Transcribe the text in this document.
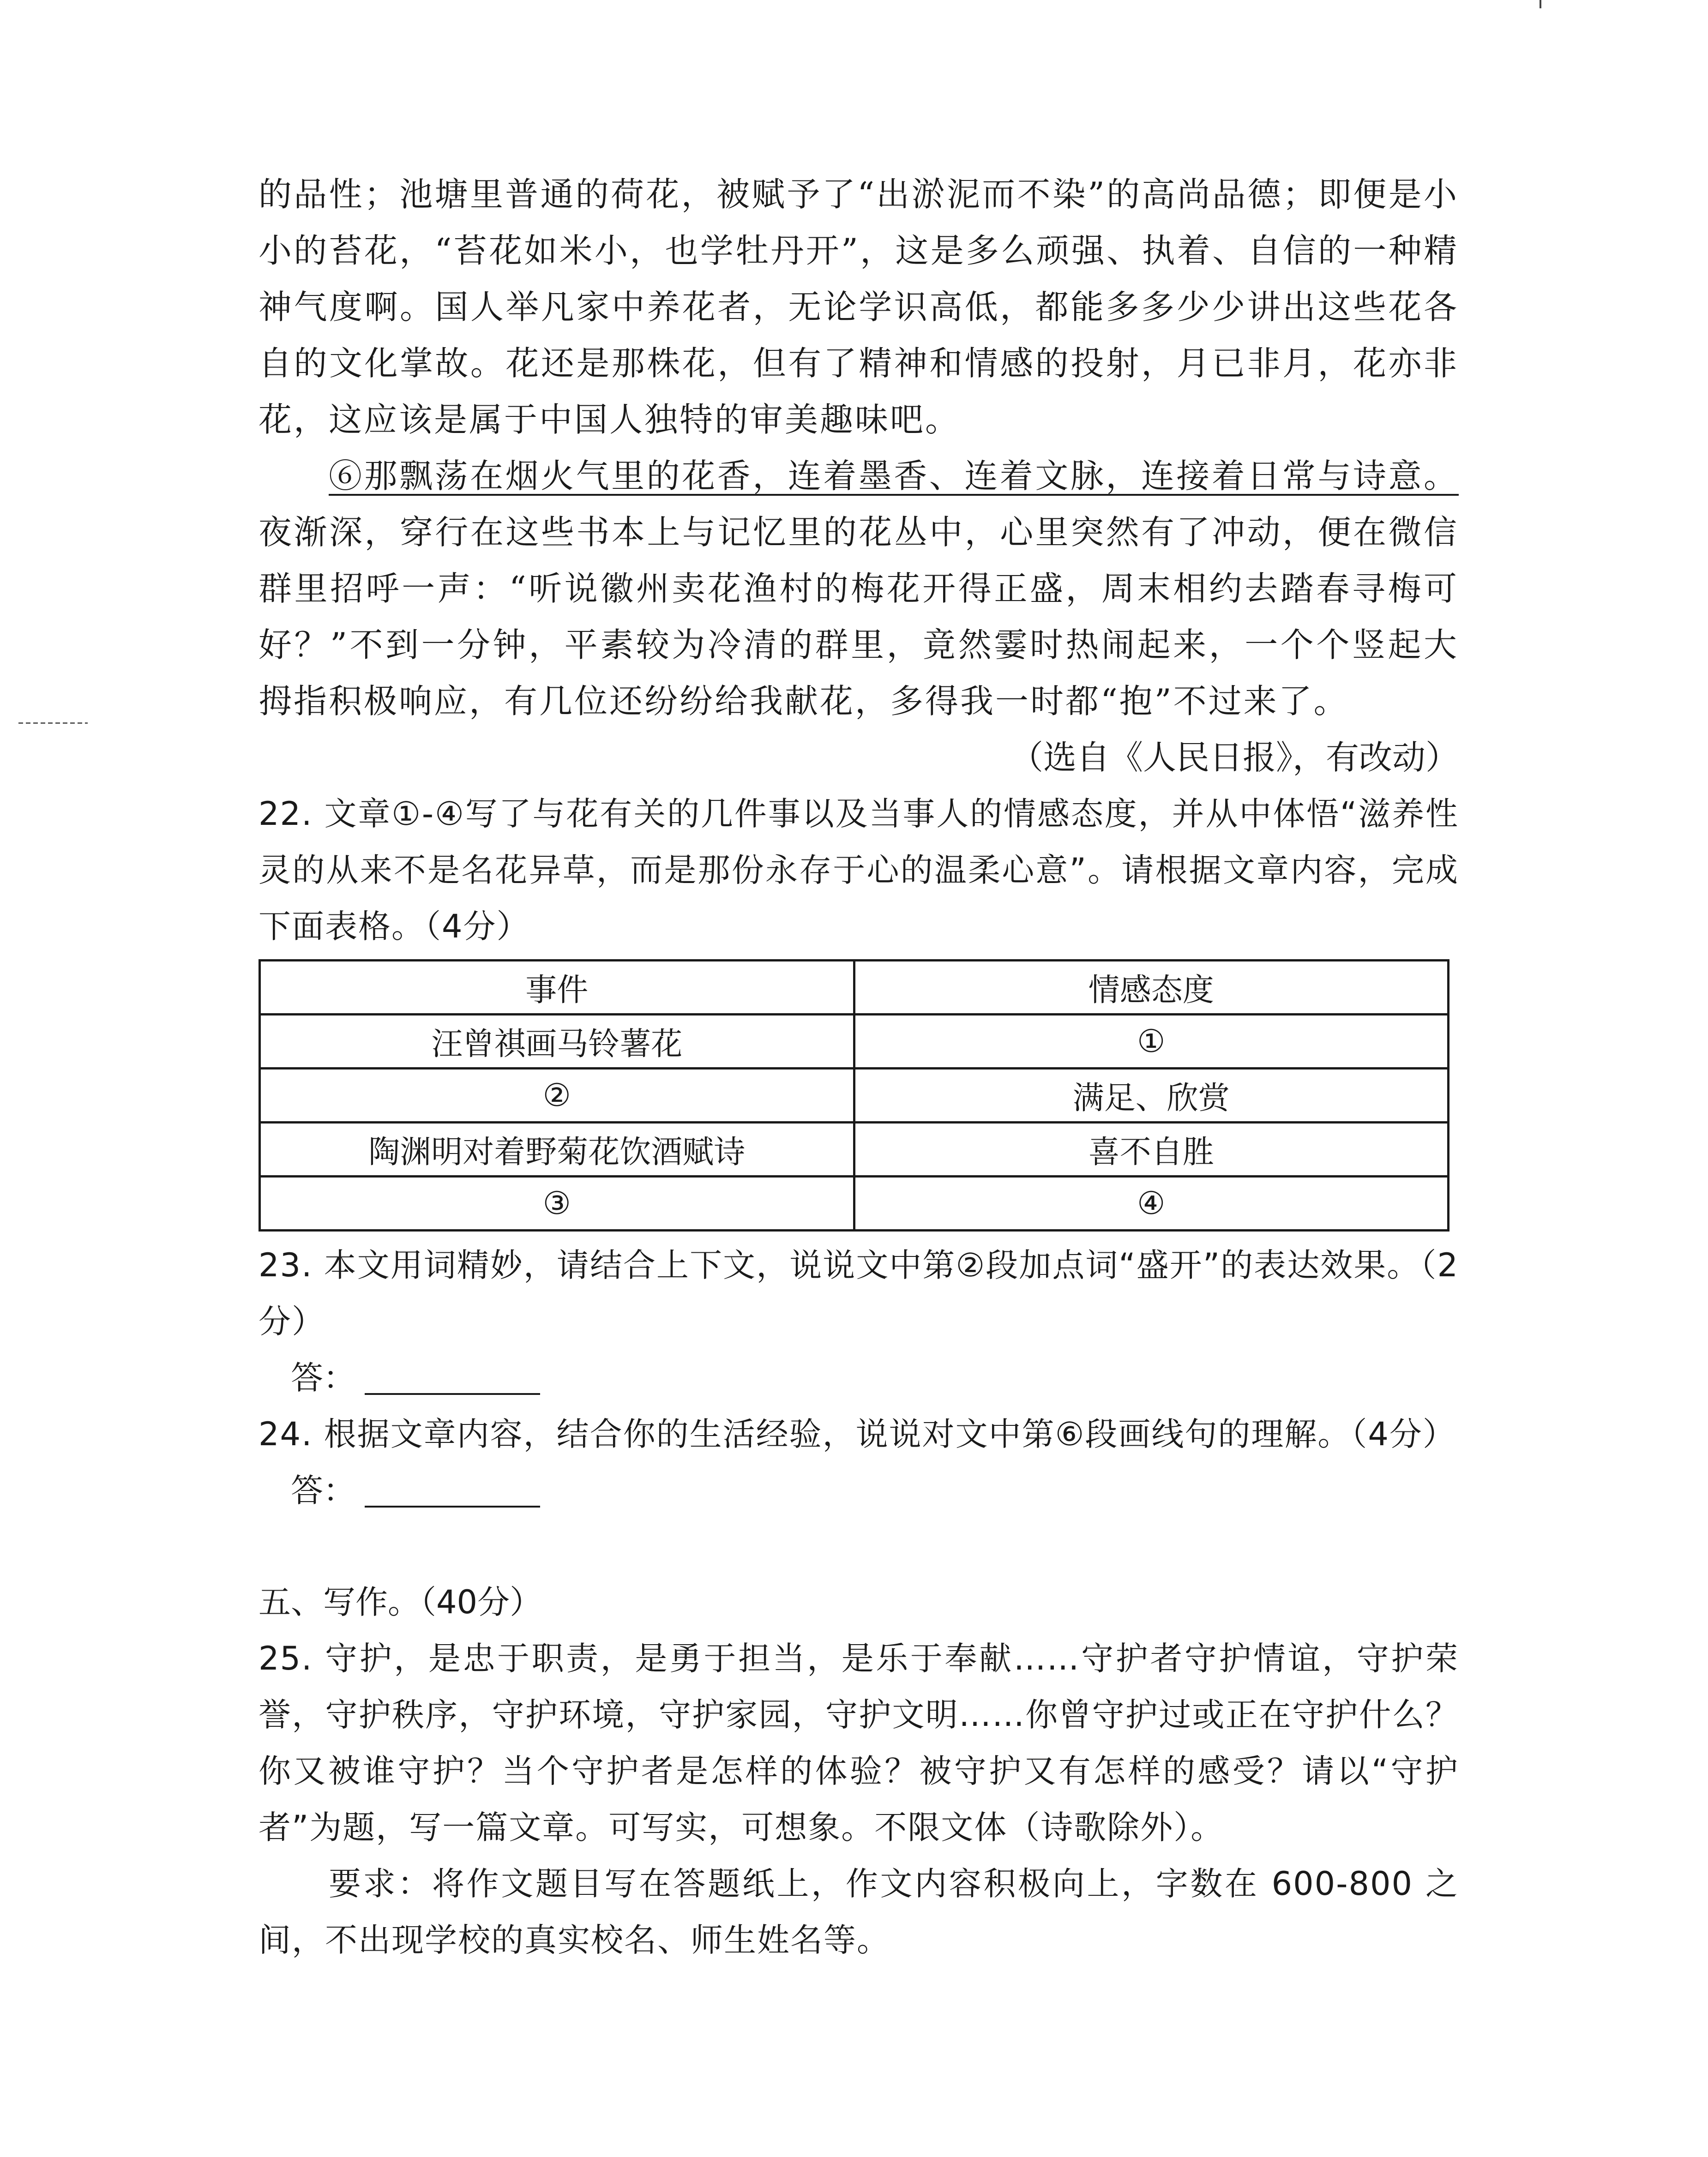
的品性；池塘里普通的荷花，被赋予了“出淤泥而不染”的高尚品德；即便是小小的苔花，“苔花如米小，也学牡丹开”，这是多么顽强、执着、自信的一种精神气度啊。国人举凡家中养花者，无论学识高低，都能多多少少讲出这些花各自的文化掌故。花还是那株花，但有了精神和情感的投射，月已非月，花亦非花，这应该是属于中国人独特的审美趣味吧。

⑥那飘荡在烟火气里的花香，连着墨香、连着文脉，连接着日常与诗意。夜渐深，穿行在这些书本上与记忆里的花丛中，心里突然有了冲动，便在微信群里招呼一声：“听说徽州卖花渔村的梅花开得正盛，周末相约去踏春寻梅可好？”不到一分钟，平素较为冷清的群里，竟然霎时热闹起来，一个个竖起大拇指积极响应，有几位还纷纷给我献花，多得我一时都“抱”不过来了。

（选自《人民日报》，有改动）

22. 文章①-④写了与花有关的几件事以及当事人的情感态度，并从中体悟“滋养性灵的从来不是名花异草，而是那份永存于心的温柔心意”。请根据文章内容，完成下面表格。（4分）

事件	情感态度
汪曾祺画马铃薯花	①
②	满足、欣赏
陶渊明对着野菊花饮酒赋诗	喜不自胜
③	④

23. 本文用词精妙，请结合上下文，说说文中第②段加点词“盛开”的表达效果。（2分）

答：

24. 根据文章内容，结合你的生活经验，说说对文中第⑥段画线句的理解。（4分）

答：

五、写作。（40分）

25. 守护，是忠于职责，是勇于担当，是乐于奉献……守护者守护情谊，守护荣誉，守护秩序，守护环境，守护家园，守护文明……你曾守护过或正在守护什么？你又被谁守护？当个守护者是怎样的体验？被守护又有怎样的感受？请以“守护者”为题，写一篇文章。可写实，可想象。不限文体（诗歌除外）。

要求：将作文题目写在答题纸上，作文内容积极向上，字数在 600-800 之间，不出现学校的真实校名、师生姓名等。
